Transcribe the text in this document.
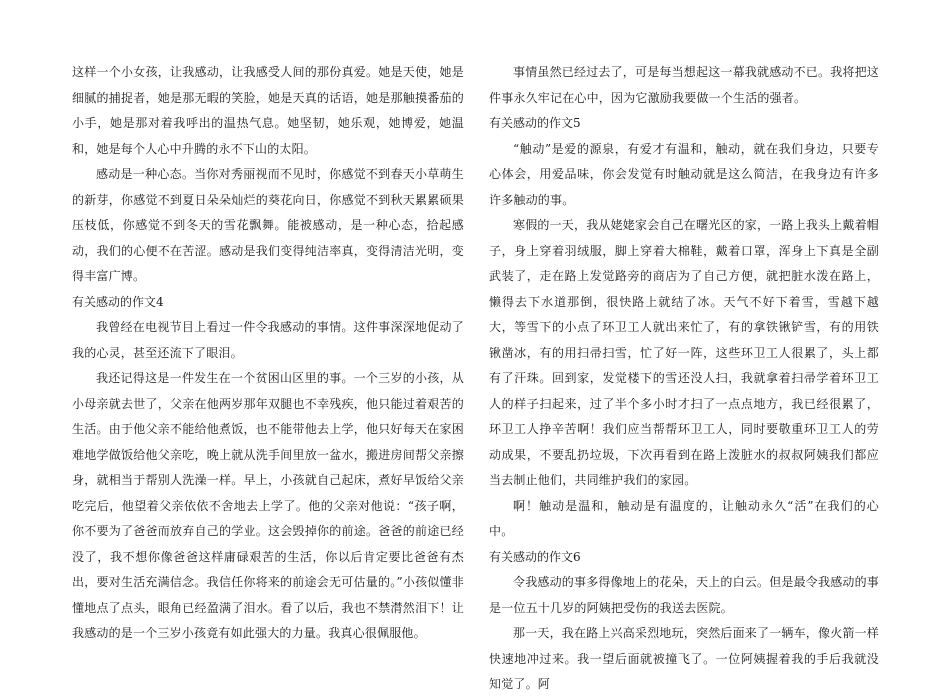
这样一个小女孩，让我感动，让我感受人间的那份真爱。她是天使，她是细腻的捕捉者，她是那无暇的笑脸，她是天真的话语，她是那触摸番茄的小手，她是那对着我呼出的温热气息。她坚韧，她乐观，她博爱，她温和，她是每个人心中升腾的永不下山的太阳。

感动是一种心态。当你对秀丽视而不见时，你感觉不到春天小草萌生的新芽，你感觉不到夏日朵朵灿烂的葵花向日，你感觉不到秋天累累硕果压枝低，你感觉不到冬天的雪花飘舞。能被感动，是一种心态，拾起感动，我们的心便不在苦涩。感动是我们变得纯洁率真，变得清洁光明，变得丰富广博。

有关感动的作文4

我曾经在电视节目上看过一件令我感动的事情。这件事深深地促动了我的心灵，甚至还流下了眼泪。

我还记得这是一件发生在一个贫困山区里的事。一个三岁的小孩，从小母亲就去世了，父亲在他两岁那年双腿也不幸残疾，他只能过着艰苦的生活。由于他父亲不能给他煮饭，也不能带他去上学，他只好每天在家困难地学做饭给他父亲吃，晚上就从洗手间里放一盆水，搬进房间帮父亲擦身，就相当于帮别人洗澡一样。早上，小孩就自己起床，煮好早饭给父亲吃完后，他望着父亲依依不舍地去上学了。他的父亲对他说：“孩子啊，你不要为了爸爸而放弃自己的学业。这会毁掉你的前途。爸爸的前途已经没了，我不想你像爸爸这样庸碌艰苦的生活，你以后肯定要比爸爸有杰出，要对生活充满信念。我信任你将来的前途会无可估量的。”小孩似懂非懂地点了点头，眼角已经盈满了泪水。看了以后，我也不禁潸然泪下！让我感动的是一个三岁小孩竟有如此强大的力量。我真心很佩服他。

事情虽然已经过去了，可是每当想起这一幕我就感动不已。我将把这件事永久牢记在心中，因为它激励我要做一个生活的强者。

有关感动的作文5

“触动”是爱的源泉，有爱才有温和，触动，就在我们身边，只要专心体会，用爱品味，你会发觉有时触动就是这么简洁，在我身边有许多许多触动的事。

寒假的一天，我从姥姥家会自己在曙光区的家，一路上我头上戴着帽子，身上穿着羽绒服，脚上穿着大棉鞋，戴着口罩，浑身上下真是全副武装了，走在路上发觉路旁的商店为了自己方便，就把脏水泼在路上，懒得去下水道那倒，很快路上就结了冰。天气不好下着雪，雪越下越大，等雪下的小点了环卫工人就出来忙了，有的拿铁锹铲雪，有的用铁锹凿冰，有的用扫帚扫雪，忙了好一阵，这些环卫工人很累了，头上都有了汗珠。回到家，发觉楼下的雪还没人扫，我就拿着扫帚学着环卫工人的样子扫起来，过了半个多小时才扫了一点点地方，我已经很累了，环卫工人挣辛苦啊！我们应当帮帮环卫工人，同时要敬重环卫工人的劳动成果，不要乱扔垃圾，下次再看到在路上泼脏水的叔叔阿姨我们都应当去制止他们，共同维护我们的家园。

啊！触动是温和，触动是有温度的，让触动永久“活”在我们的心中。

有关感动的作文6

令我感动的事多得像地上的花朵，天上的白云。但是最令我感动的事是一位五十几岁的阿姨把受伤的我送去医院。

那一天，我在路上兴高采烈地玩，突然后面来了一辆车，像火箭一样快速地冲过来。我一望后面就被撞飞了。一位阿姨握着我的手后我就没知觉了。阿
